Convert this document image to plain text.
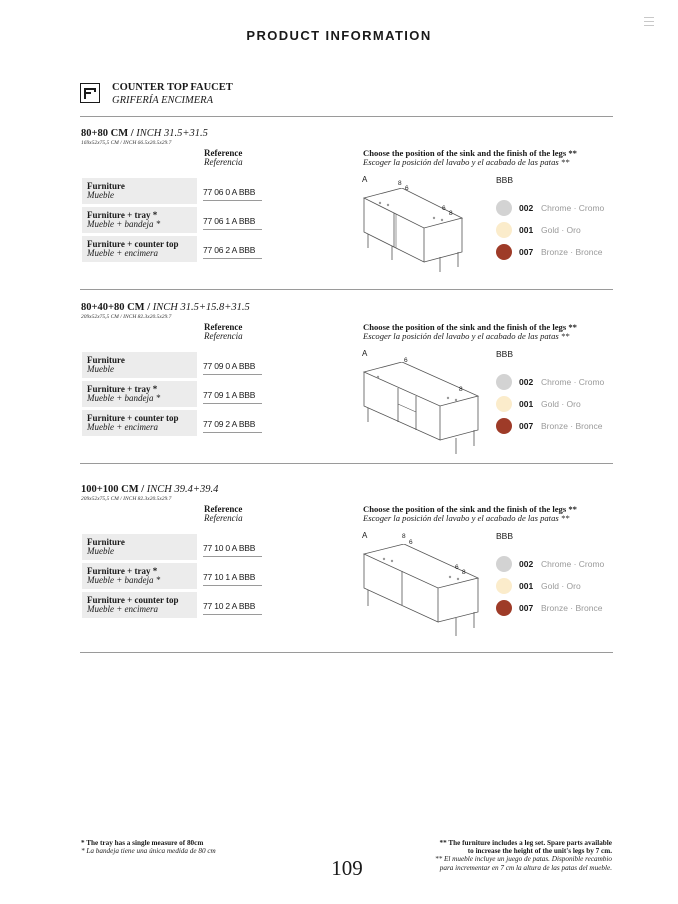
PRODUCT INFORMATION
COUNTER TOP FAUCET
GRIFERÍA ENCIMERA
80+80 CM / INCH 31.5+31.5
169x52x75,5 CM / INCH 66.5x20.5x29.7
Reference
Referencia
Furniture
Mueble	77 06 0 A BBB
Furniture + tray *
Mueble + bandeja *	77 06 1 A BBB
Furniture + counter top
Mueble + encimera	77 06 2 A BBB
Choose the position of the sink and the finish of the legs **
Escoger la posición del lavabo y el acabado de las patas **
A	BBB
8
6
6
8
002 Chrome · Cromo
001 Gold · Oro
007 Bronze · Bronce
80+40+80 CM / INCH 31.5+15.8+31.5
209x52x75,5 CM / INCH 82.3x20.5x29.7
Reference
Referencia
Furniture
Mueble	77 09 0 A BBB
Furniture + tray *
Mueble + bandeja *	77 09 1 A BBB
Furniture + counter top
Mueble + encimera	77 09 2 A BBB
Choose the position of the sink and the finish of the legs **
Escoger la posición del lavabo y el acabado de las patas **
A	BBB
6
8
002 Chrome · Cromo
001 Gold · Oro
007 Bronze · Bronce
100+100 CM / INCH 39.4+39.4
209x52x75,5 CM / INCH 82.3x20.5x29.7
Reference
Referencia
Furniture
Mueble	77 10 0 A BBB
Furniture + tray *
Mueble + bandeja *	77 10 1 A BBB
Furniture + counter top
Mueble + encimera	77 10 2 A BBB
Choose the position of the sink and the finish of the legs **
Escoger la posición del lavabo y el acabado de las patas **
A	BBB
8
6
6
8
002 Chrome · Cromo
001 Gold · Oro
007 Bronze · Bronce
* The tray has a single measure of 80cm
* La bandeja tiene una única medida de 80 cm
** The furniture includes a leg set. Spare parts available
to increase the height of the unit's legs by 7 cm.
** El mueble incluye un juego de patas. Disponible recambio
para incrementar en 7 cm la altura de las patas del mueble.
109
